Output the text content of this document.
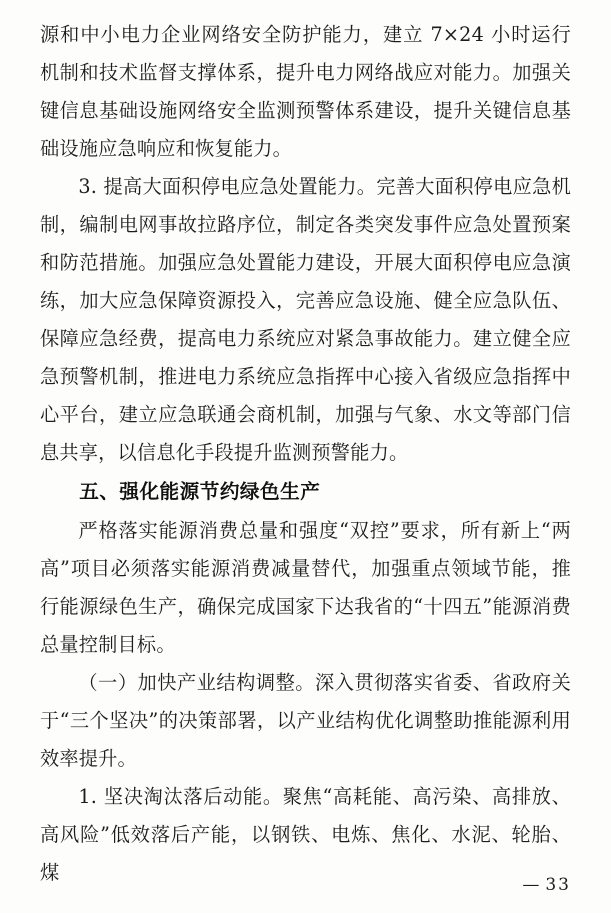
源和中小电力企业网络安全防护能力，建立 7×24 小时运行机制和技术监督支撑体系，提升电力网络战应对能力。加强关键信息基础设施网络安全监测预警体系建设，提升关键信息基础设施应急响应和恢复能力。

3. 提高大面积停电应急处置能力。完善大面积停电应急机制，编制电网事故拉路序位，制定各类突发事件应急处置预案和防范措施。加强应急处置能力建设，开展大面积停电应急演练，加大应急保障资源投入，完善应急设施、健全应急队伍、保障应急经费，提高电力系统应对紧急事故能力。建立健全应急预警机制，推进电力系统应急指挥中心接入省级应急指挥中心平台，建立应急联通会商机制，加强与气象、水文等部门信息共享，以信息化手段提升监测预警能力。

五、强化能源节约绿色生产

严格落实能源消费总量和强度“双控”要求，所有新上“两高”项目必须落实能源消费减量替代，加强重点领域节能，推行能源绿色生产，确保完成国家下达我省的“十四五”能源消费总量控制目标。

（一）加快产业结构调整。深入贯彻落实省委、省政府关于“三个坚决”的决策部署，以产业结构优化调整助推能源利用效率提升。

1. 坚决淘汰落后动能。聚焦“高耗能、高污染、高排放、高风险”低效落后产能，以钢铁、电炼、焦化、水泥、轮胎、煤

— 33
